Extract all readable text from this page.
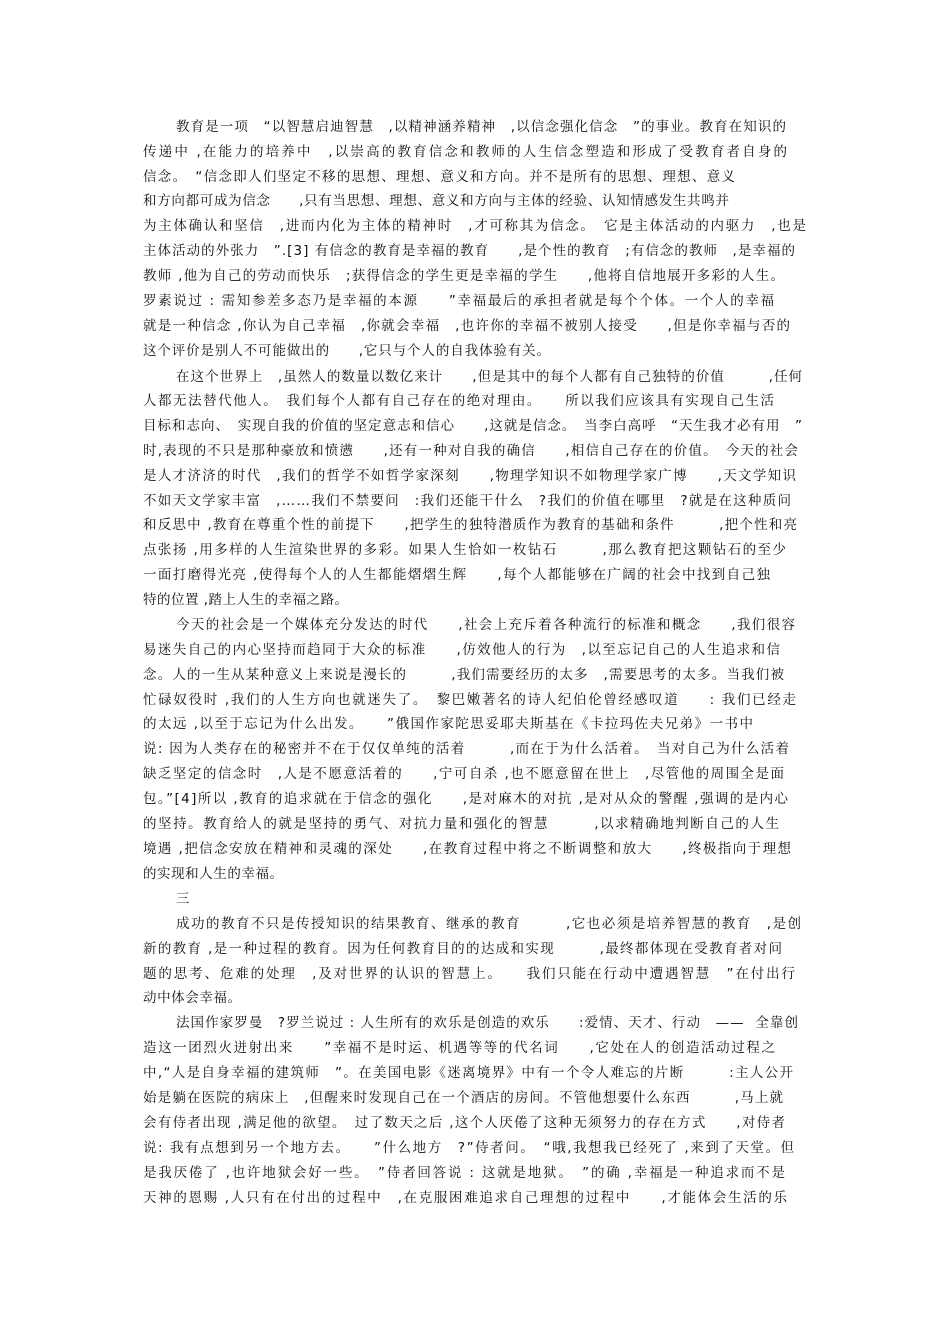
教育是一项　“以智慧启迪智慧　,以精神涵养精神　,以信念强化信念　”的事业。教育在知识的
传递中 ,在能力的培养中　,以崇高的教育信念和教师的人生信念塑造和形成了受教育者自身的
信念。　“信念即人们坚定不移的思想、理想、意义和方向。并不是所有的思想、理想、意义
和方向都可成为信念　　,只有当思想、理想、意义和方向与主体的经验、认知情感发生共鸣并
为主体确认和坚信　,进而内化为主体的精神时　,才可称其为信念。　它是主体活动的内驱力　,也是
主体活动的外张力　”.[3] 有信念的教育是幸福的教育　　,是个性的教育　;有信念的教师　,是幸福的
教师 ,他为自己的劳动而快乐　;获得信念的学生更是幸福的学生　　,他将自信地展开多彩的人生。
罗素说过 : 需知参差多态乃是幸福的本源　　”幸福最后的承担者就是每个个体。一个人的幸福
就是一种信念 ,你认为自己幸福　,你就会幸福　,也许你的幸福不被别人接受　　,但是你幸福与否的
这个评价是别人不可能做出的　　,它只与个人的自我体验有关。
在这个世界上　,虽然人的数量以数亿来计　　,但是其中的每个人都有自己独特的价值　　　,任何
人都无法替代他人。　我们每个人都有自己存在的绝对理由。　　所以我们应该具有实现自己生活
目标和志向、　实现自我的价值的坚定意志和信心　　,这就是信念。　当李白高呼　“天生我才必有用　”
时,表现的不只是那种豪放和愤懑　　,还有一种对自我的确信　　,相信自己存在的价值。　今天的社会
是人才济济的时代　,我们的哲学不如哲学家深刻　　,物理学知识不如物理学家广博　　,天文学知识
不如天文学家丰富　,……我们不禁要问　:我们还能干什么　?我们的价值在哪里　?就是在这种质问
和反思中 ,教育在尊重个性的前提下　　,把学生的独特潜质作为教育的基础和条件　　　,把个性和亮
点张扬 ,用多样的人生渲染世界的多彩。如果人生恰如一枚钻石　　　,那么教育把这颗钻石的至少
一面打磨得光亮 ,使得每个人的人生都能熠熠生辉　　,每个人都能够在广阔的社会中找到自己独
特的位置 ,踏上人生的幸福之路。
今天的社会是一个媒体充分发达的时代　　,社会上充斥着各种流行的标准和概念　　,我们很容
易迷失自己的内心坚持而趋同于大众的标准　　,仿效他人的行为　,以至忘记自己的人生追求和信
念。人的一生从某种意义上来说是漫长的　　　,我们需要经历的太多　,需要思考的太多。当我们被
忙碌奴役时 ,我们的人生方向也就迷失了。　黎巴嫩著名的诗人纪伯伦曾经感叹道　　: 我们已经走
的太远 ,以至于忘记为什么出发。　　”俄国作家陀思妥耶夫斯基在《卡拉玛佐夫兄弟》一书中
说: 因为人类存在的秘密并不在于仅仅单纯的活着　　　,而在于为什么活着。　当对自己为什么活着
缺乏坚定的信念时　,人是不愿意活着的　　,宁可自杀 ,也不愿意留在世上　,尽管他的周围全是面
包。”[4]所以 ,教育的追求就在于信念的强化　　,是对麻木的对抗 ,是对从众的警醒 ,强调的是内心
的坚持。教育给人的就是坚持的勇气、对抗力量和强化的智慧　　　,以求精确地判断自己的人生
境遇 ,把信念安放在精神和灵魂的深处　　,在教育过程中将之不断调整和放大　　,终极指向于理想
的实现和人生的幸福。
三
成功的教育不只是传授知识的结果教育、继承的教育　　　,它也必须是培养智慧的教育　,是创
新的教育 ,是一种过程的教育。因为任何教育目的的达成和实现　　　,最终都体现在受教育者对问
题的思考、危难的处理　,及对世界的认识的智慧上。　　我们只能在行动中遭遇智慧　”在付出行
动中体会幸福。
法国作家罗曼　?罗兰说过 : 人生所有的欢乐是创造的欢乐　　:爱情、天才、行动　——  全靠创
造这一团烈火迸射出来　　”幸福不是时运、机遇等等的代名词　　,它处在人的创造活动过程之
中,“人是自身幸福的建筑师　”。在美国电影《迷离境界》中有一个令人难忘的片断　　　:主人公开
始是躺在医院的病床上　,但醒来时发现自己在一个酒店的房间。不管他想要什么东西　　　,马上就
会有侍者出现 ,满足他的欲望。　过了数天之后 ,这个人厌倦了这种无须努力的存在方式　　,对侍者
说: 我有点想到另一个地方去。　　”什么地方　?”侍者问。　“哦,我想我已经死了 ,来到了天堂。但
是我厌倦了 ,也许地狱会好一些。　”侍者回答说 : 这就是地狱。　”的确 ,幸福是一种追求而不是
天神的恩赐 ,人只有在付出的过程中　,在克服困难追求自己理想的过程中　　,才能体会生活的乐
